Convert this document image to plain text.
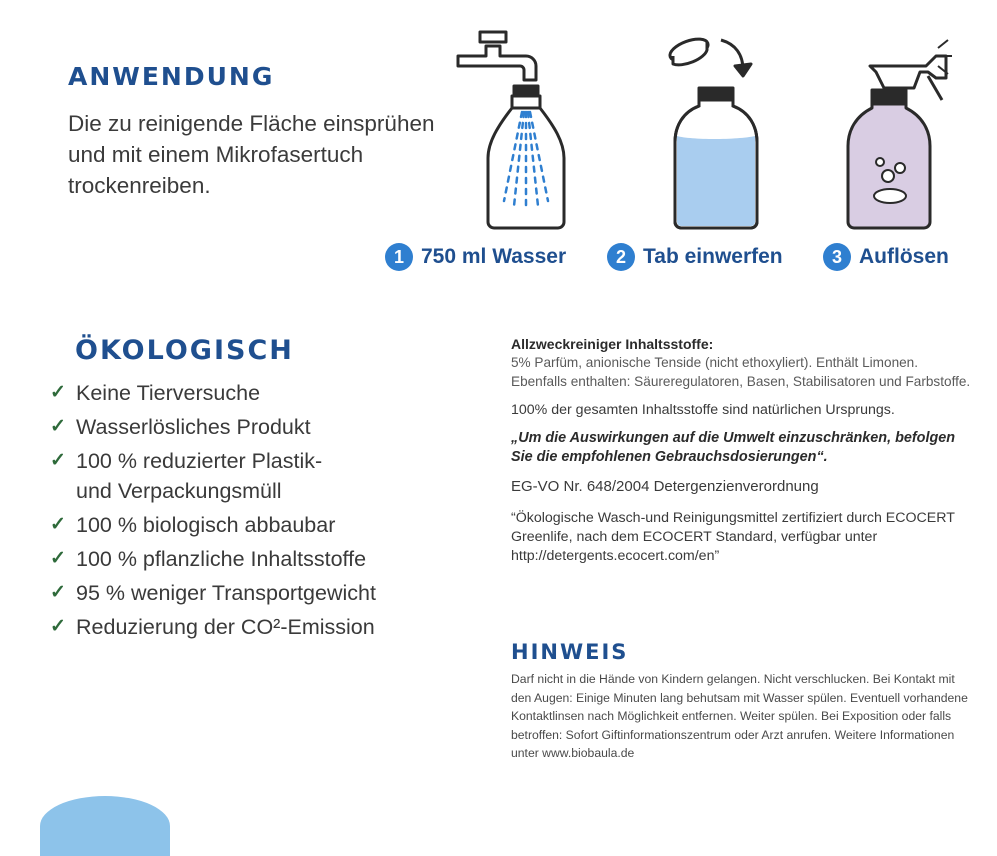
ANWENDUNG

Die zu reinigende Fläche einsprühen und mit einem Mikrofasertuch trockenreiben.

1 750 ml Wasser	2 Tab einwerfen	3 Auflösen
ÖKOLOGISCH
✓ Keine Tierversuche
✓ Wasserlösliches Produkt
✓ 100 % reduzierter Plastik-
und Verpackungsmüll
✓ 100 % biologisch abbaubar
✓ 100 % pflanzliche Inhaltsstoffe
✓ 95 % weniger Transportgewicht
✓ Reduzierung der CO²-Emission

Allzweckreiniger Inhaltsstoffe:

5% Parfüm, anionische Tenside (nicht ethoxyliert). Enthält Limonen. Ebenfalls enthalten: Säureregulatoren, Basen, Stabilisatoren und Farbstoffe.

100% der gesamten Inhaltsstoffe sind natürlichen Ursprungs.

„Um die Auswirkungen auf die Umwelt einzuschränken, befolgen Sie die empfohlenen Gebrauchsdosierungen“.

EG-VO Nr. 648/2004 Detergenzienverordnung

“Ökologische Wasch-und Reinigungsmittel zertifiziert durch ECOCERT Greenlife, nach dem ECOCERT Standard, verfügbar unter http://detergents.ecocert.com/en”

HINWEIS

Darf nicht in die Hände von Kindern gelangen. Nicht verschlucken. Bei Kontakt mit den Augen: Einige Minuten lang behutsam mit Wasser spülen. Eventuell vorhandene Kontaktlinsen nach Möglichkeit entfernen. Weiter spülen. Bei Exposition oder falls betroffen: Sofort Giftinformationszentrum oder Arzt anrufen. Weitere Informationen unter www.biobaula.de
